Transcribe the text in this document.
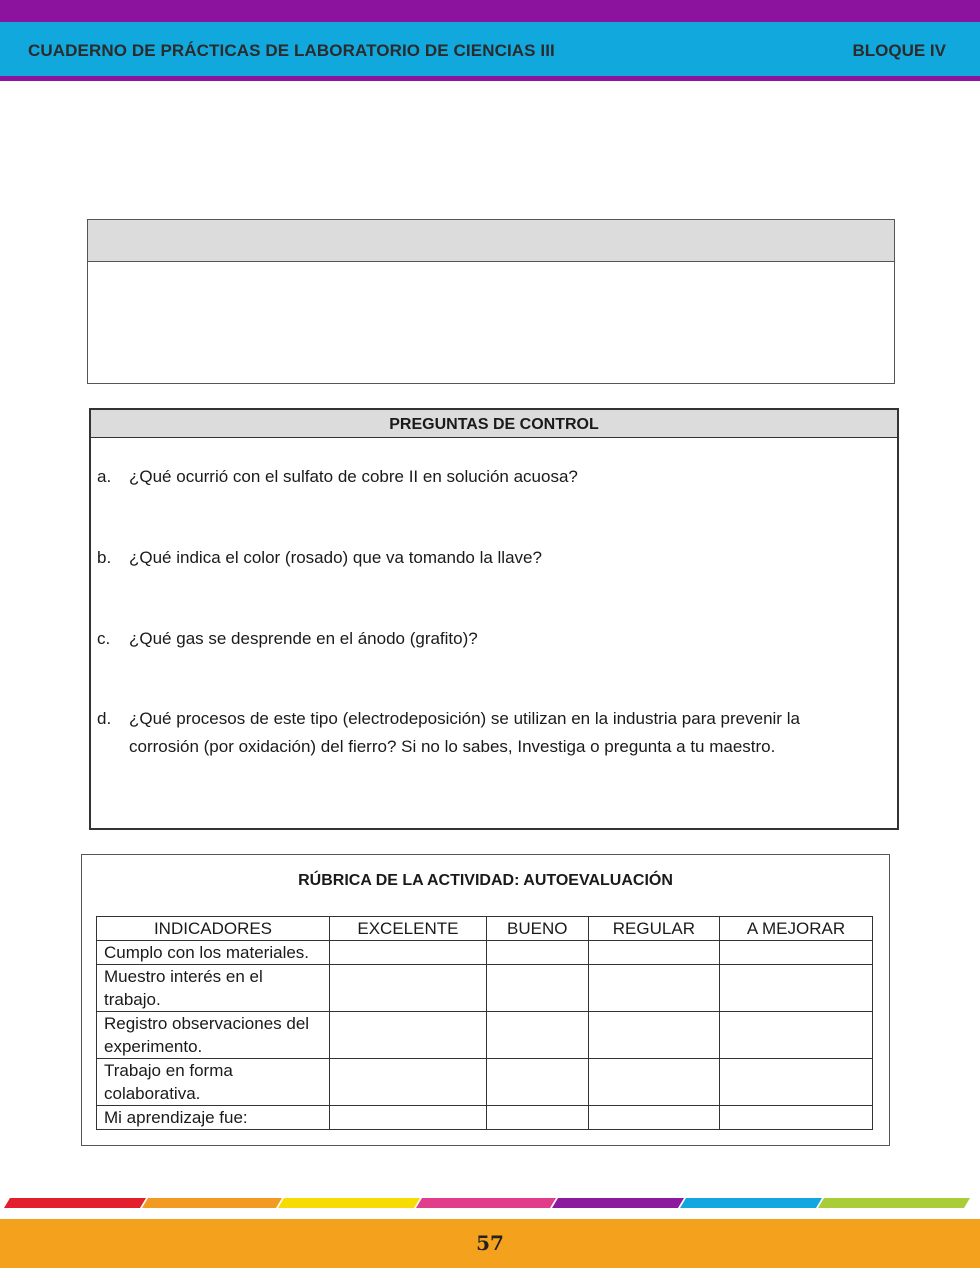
CUADERNO DE PRÁCTICAS DE LABORATORIO DE CIENCIAS III	BLOQUE IV
PREGUNTAS DE CONTROL
a. ¿Qué ocurrió con el sulfato de cobre II en solución acuosa?
b. ¿Qué indica el color (rosado) que va tomando la llave?
c. ¿Qué gas se desprende en el ánodo (grafito)?
d. ¿Qué procesos de este tipo (electrodeposición) se utilizan en la industria para prevenir la corrosión (por oxidación) del fierro? Si no lo sabes, Investiga o pregunta a tu maestro.
RÚBRICA DE LA ACTIVIDAD: AUTOEVALUACIÓN
INDICADORES	EXCELENTE	BUENO	REGULAR	A MEJORAR
Cumplo con los materiales.				
Muestro interés en el trabajo.				
Registro observaciones del experimento.				
Trabajo en forma colaborativa.				
Mi aprendizaje fue:				
57
